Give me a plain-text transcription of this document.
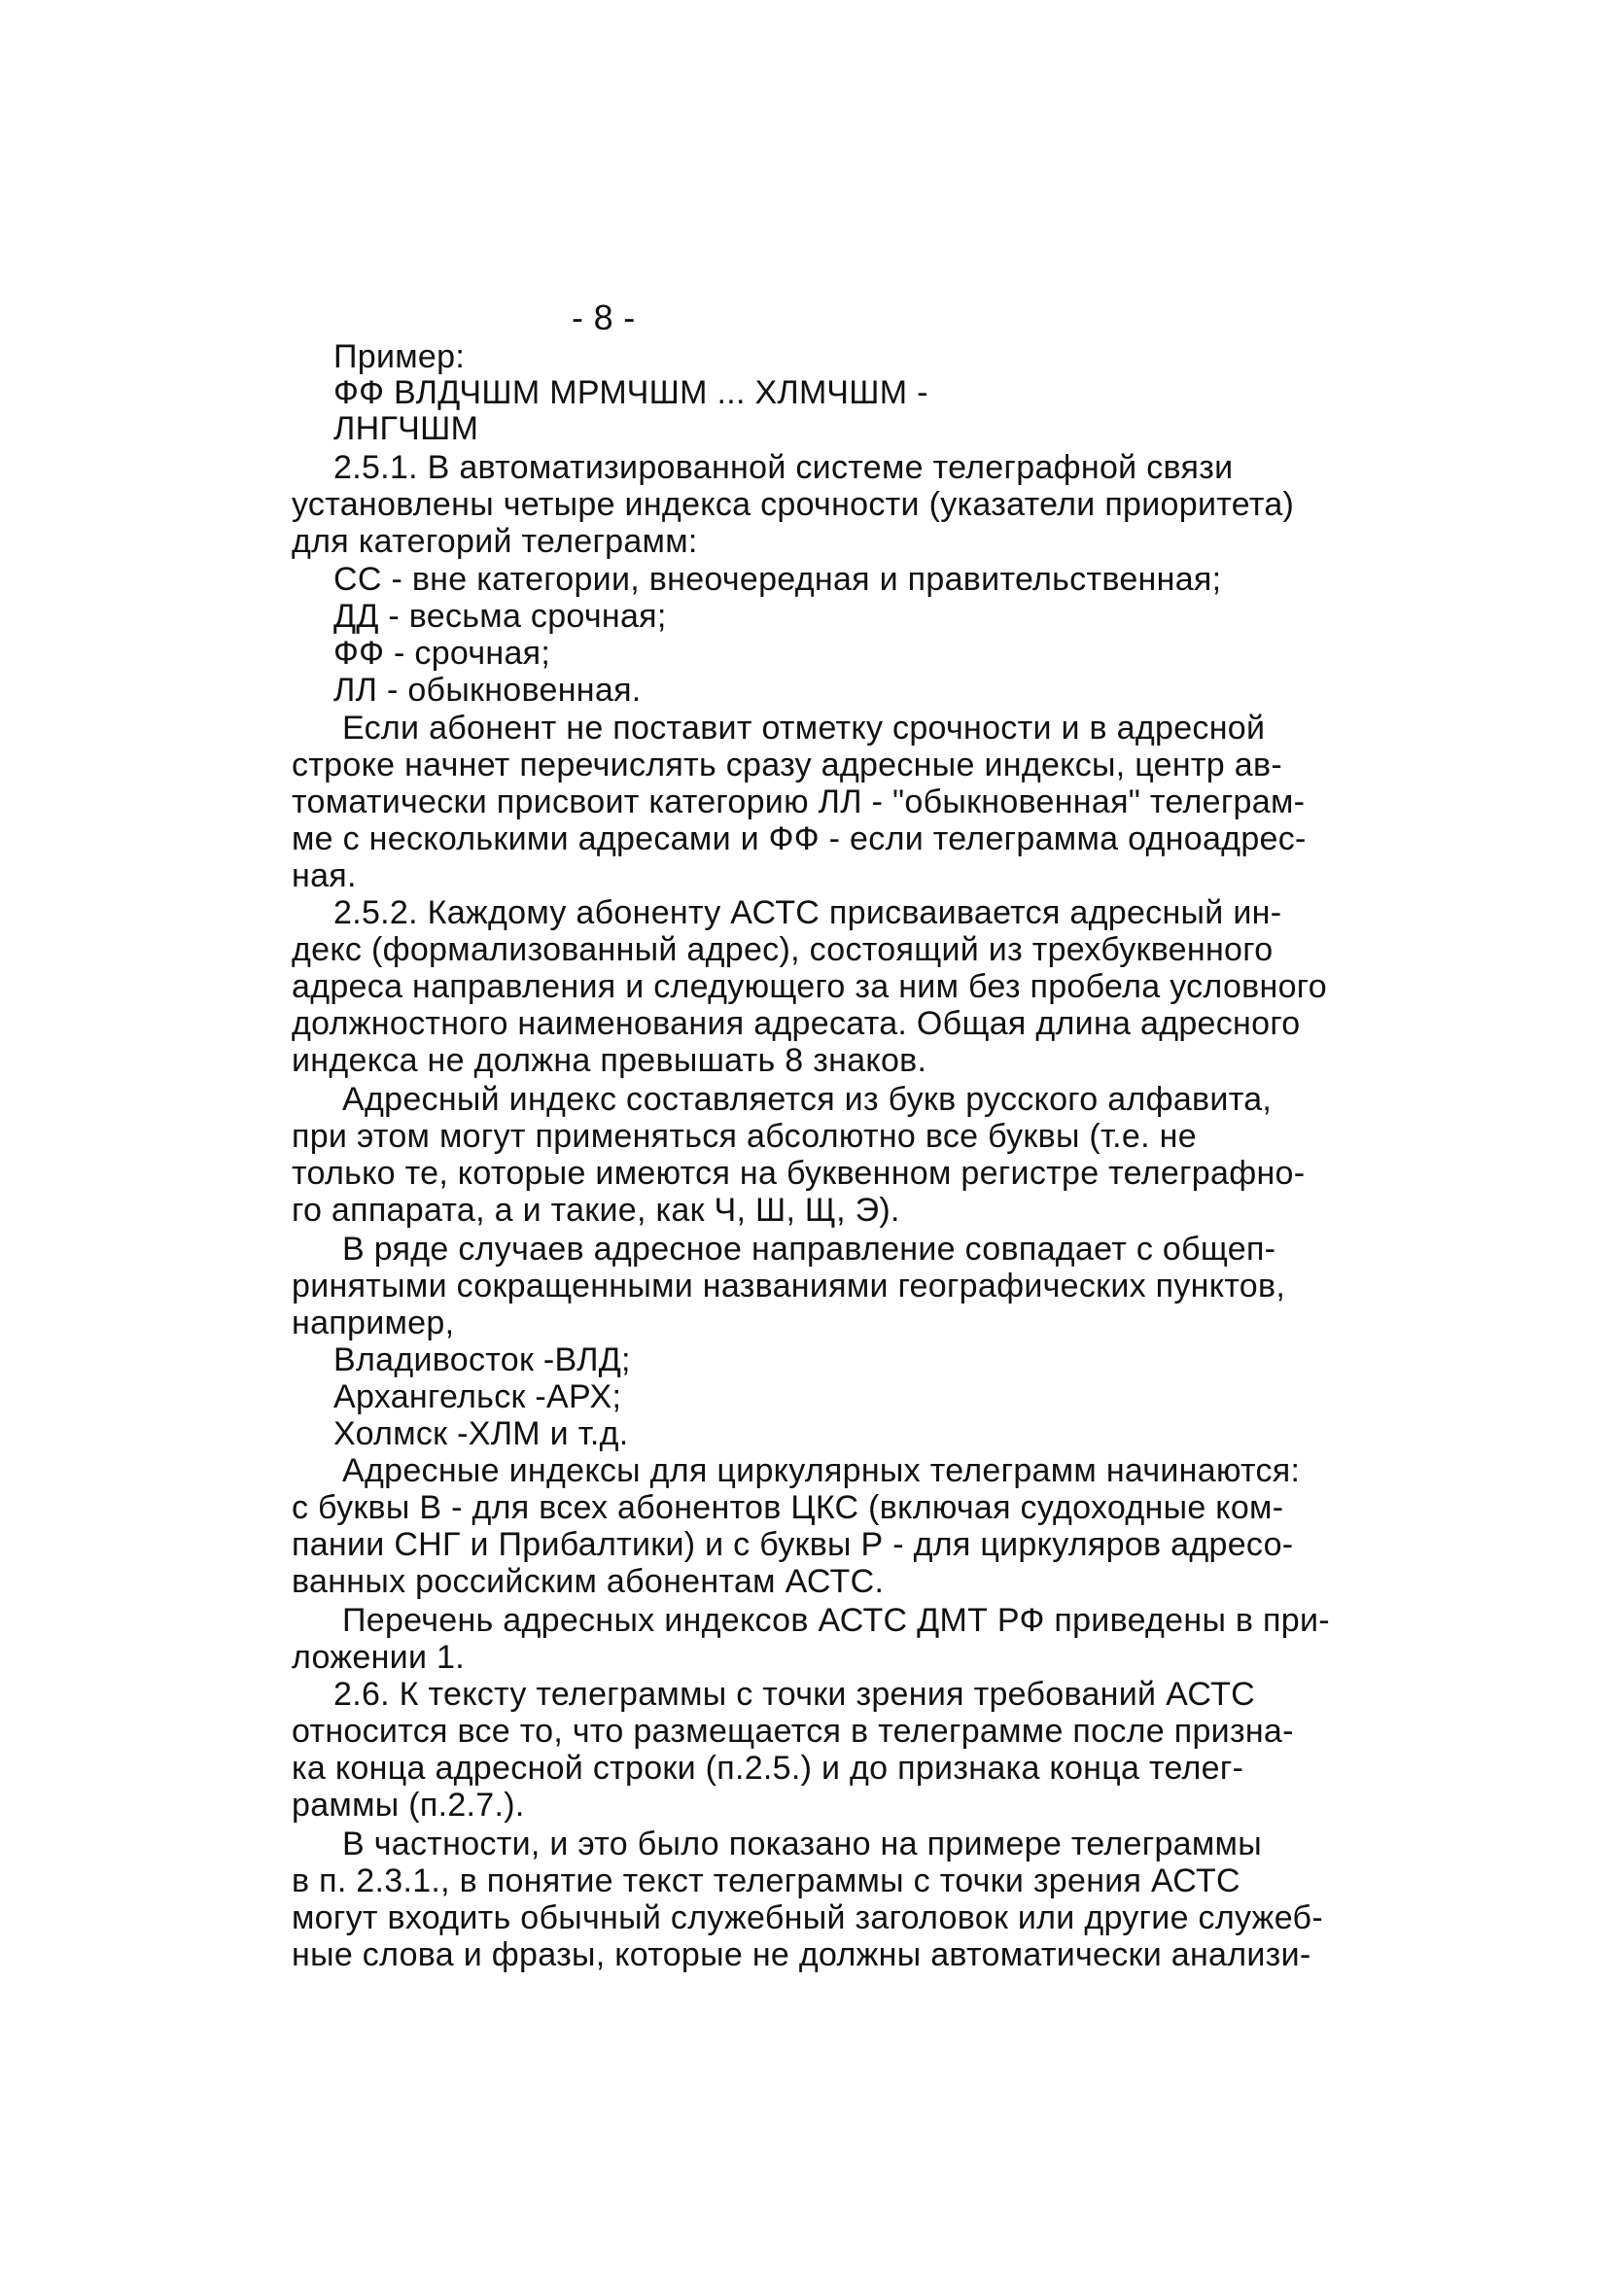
- 8 -

Пример:

ФФ ВЛДЧШМ МРМЧШМ ... ХЛМЧШМ -

ЛНГЧШМ

2.5.1. В автоматизированной системе телеграфной связи

установлены четыре индекса срочности (указатели приоритета)

для категорий телеграмм:

СС - вне категории, внеочередная и правительственная;

ДД - весьма срочная;

ФФ - срочная;

ЛЛ - обыкновенная.

Если абонент не поставит отметку срочности и в адресной

строке начнет перечислять сразу адресные индексы, центр ав-

томатически присвоит категорию ЛЛ - "обыкновенная" телеграм-

ме с несколькими адресами и ФФ - если телеграмма одноадрес-

ная.

2.5.2. Каждому абоненту АСТС присваивается адресный ин-

декс (формализованный адрес), состоящий из трехбуквенного

адреса направления и следующего за ним без пробела условного

должностного наименования адресата. Общая длина адресного

индекса не должна превышать 8 знаков.

Адресный индекс составляется из букв русского алфавита,

при этом могут применяться абсолютно все буквы (т.е. не

только те, которые имеются на буквенном регистре телеграфно-

го аппарата, а и такие, как Ч, Ш, Щ, Э).

В ряде случаев адресное направление совпадает с общеп-

ринятыми сокращенными названиями географических пунктов,

например,

Владивосток -ВЛД;

Архангельск -АРХ;

Холмск -ХЛМ и т.д.

Адресные индексы для циркулярных телеграмм начинаются:

с буквы В - для всех абонентов ЦКС (включая судоходные ком-

пании СНГ и Прибалтики) и с буквы Р - для циркуляров адресо-

ванных российским абонентам АСТС.

Перечень адресных индексов АСТС ДМТ РФ приведены в при-

ложении 1.

2.6. К тексту телеграммы с точки зрения требований АСТС

относится все то, что размещается в телеграмме после призна-

ка конца адресной строки (п.2.5.) и до признака конца телег-

раммы (п.2.7.).

В частности, и это было показано на примере телеграммы

в п. 2.3.1., в понятие текст телеграммы с точки зрения АСТС

могут входить обычный служебный заголовок или другие служеб-

ные слова и фразы, которые не должны автоматически анализи-
